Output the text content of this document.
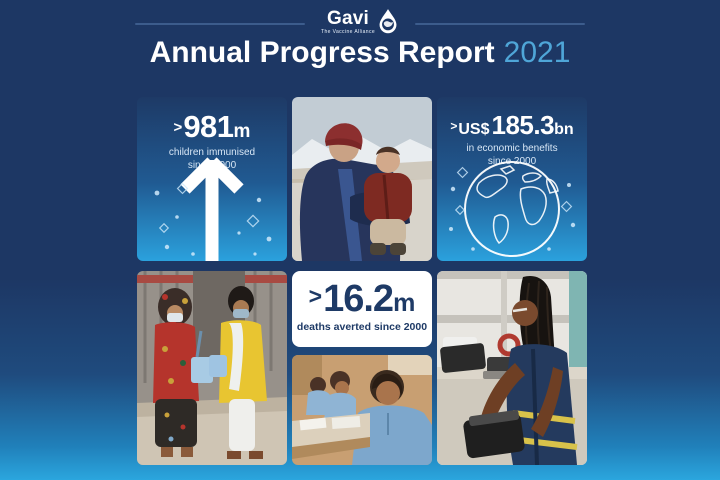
Gavi
The Vaccine Alliance
Annual Progress Report 2021
> 981 m
children immunised
since 2000
> US$ 185.3 bn
in economic benefits
since 2000
> 16.2 m
deaths averted since 2000
